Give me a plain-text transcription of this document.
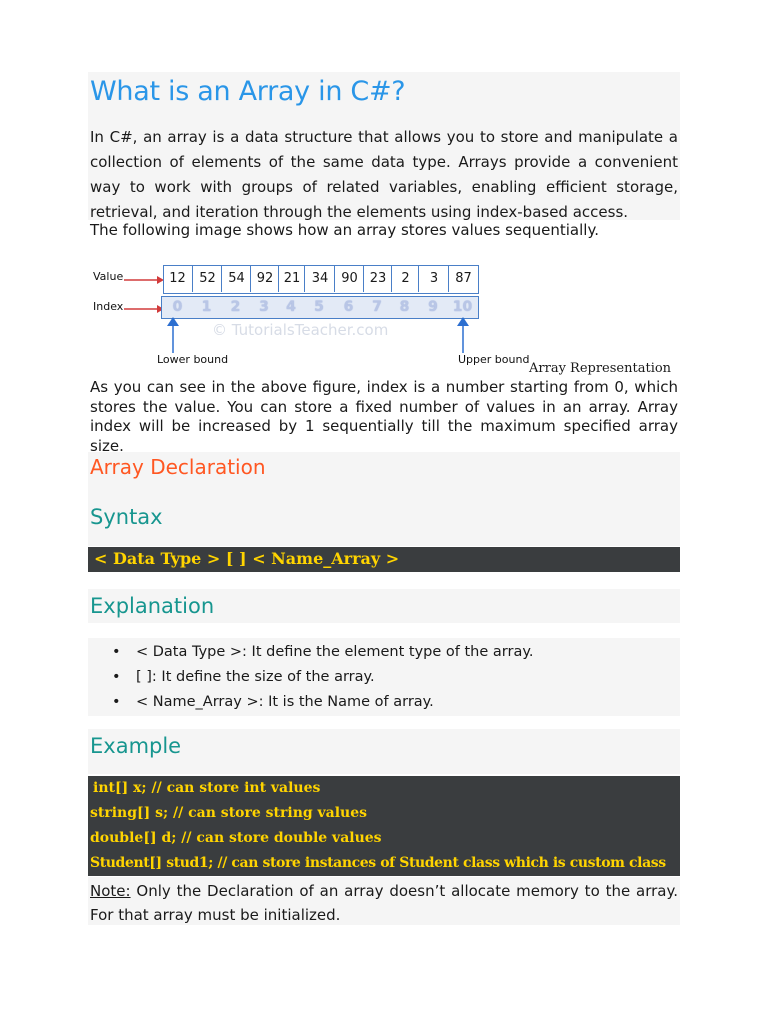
What is an Array in C#?
In C#, an array is a data structure that allows you to store and manipulate a collection of elements of the same data type. Arrays provide a convenient way to work with groups of related variables, enabling efficient storage, retrieval, and iteration through the elements using index-based access.
The following image shows how an array stores values sequentially.
Value
Index
12	52 54 92 21 34 90 23	2	3	87
0	1	2	3	4	5	6	7	8	9	10
© TutorialsTeacher.com
Lower bound	Upper bound
Array Representation
As you can see in the above figure, index is a number starting from 0, which stores the value. You can store a fixed number of values in an array. Array index will be increased by 1 sequentially till the maximum specified array size.
Array Declaration
Syntax
< Data Type > [ ] < Name_Array >
Explanation
• < Data Type >: It define the element type of the array.
• [ ]: It define the size of the array.
• < Name_Array >: It is the Name of array.
Example
int[] x; // can store int values
string[] s; // can store string values
double[] d; // can store double values
Student[] stud1; // can store instances of Student class which is custom class
Note: Only the Declaration of an array doesn’t allocate memory to the array. For that array must be initialized.
